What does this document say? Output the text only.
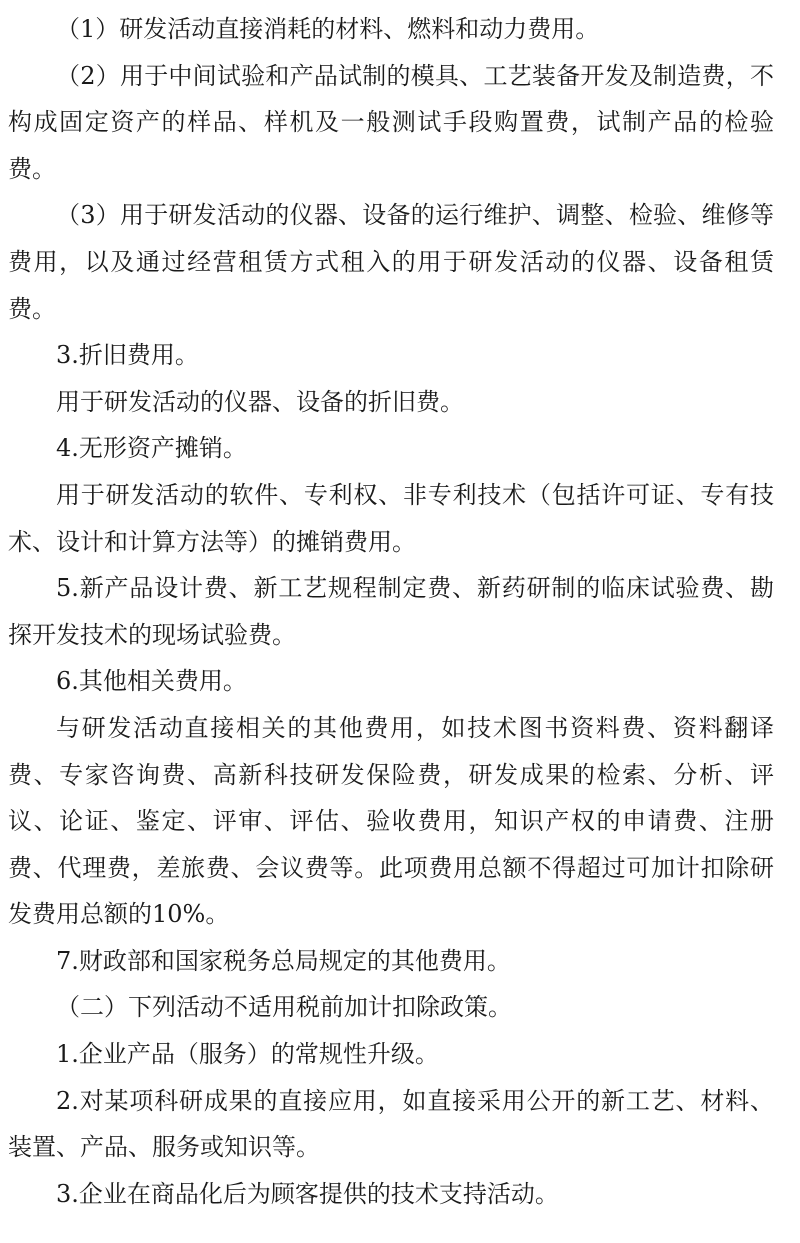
（1）研发活动直接消耗的材料、燃料和动力费用。

（2）用于中间试验和产品试制的模具、工艺装备开发及制造费，不构成固定资产的样品、样机及一般测试手段购置费，试制产品的检验费。

（3）用于研发活动的仪器、设备的运行维护、调整、检验、维修等费用，以及通过经营租赁方式租入的用于研发活动的仪器、设备租赁费。

3.折旧费用。

用于研发活动的仪器、设备的折旧费。

4.无形资产摊销。

用于研发活动的软件、专利权、非专利技术（包括许可证、专有技术、设计和计算方法等）的摊销费用。

5.新产品设计费、新工艺规程制定费、新药研制的临床试验费、勘探开发技术的现场试验费。

6.其他相关费用。

与研发活动直接相关的其他费用，如技术图书资料费、资料翻译费、专家咨询费、高新科技研发保险费，研发成果的检索、分析、评议、论证、鉴定、评审、评估、验收费用，知识产权的申请费、注册费、代理费，差旅费、会议费等。此项费用总额不得超过可加计扣除研发费用总额的10%。

7.财政部和国家税务总局规定的其他费用。

（二）下列活动不适用税前加计扣除政策。

1.企业产品（服务）的常规性升级。

2.对某项科研成果的直接应用，如直接采用公开的新工艺、材料、装置、产品、服务或知识等。

3.企业在商品化后为顾客提供的技术支持活动。
